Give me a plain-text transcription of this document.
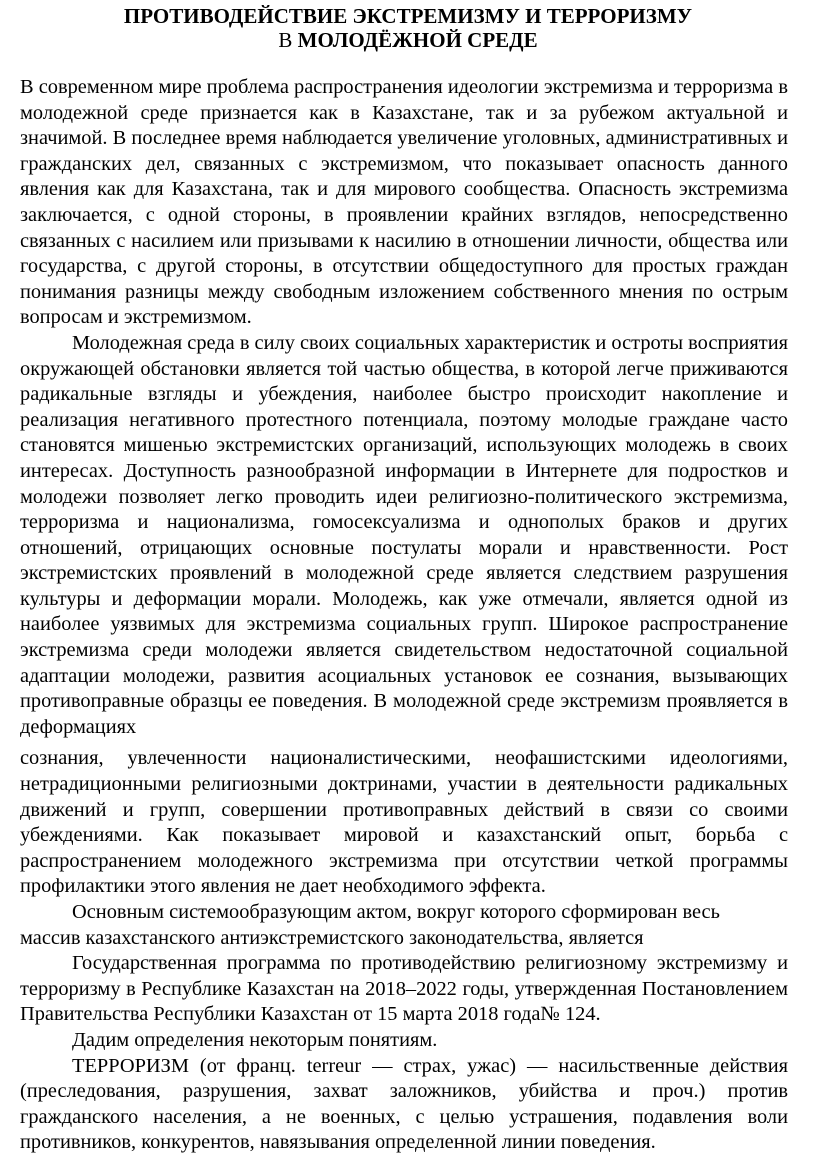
ПРОТИВОДЕЙСТВИЕ ЭКСТРЕМИЗМУ И ТЕРРОРИЗМУ
В МОЛОДЁЖНОЙ СРЕДЕ

В современном мире проблема распространения идеологии экстремизма и терроризма в молодежной среде признается как в Казахстане, так и за рубежом актуальной и значимой. В последнее время наблюдается увеличение уголовных, административных и гражданских дел, связанных с экстремизмом, что показывает опасность данного явления как для Казахстана, так и для мирового сообщества. Опасность экстремизма заключается, с одной стороны, в проявлении крайних взглядов, непосредственно связанных с насилием или призывами к насилию в отношении личности, общества или государства, с другой стороны, в отсутствии общедоступного для простых граждан понимания разницы между свободным изложением собственного мнения по острым вопросам и экстремизмом.

Молодежная среда в силу своих социальных характеристик и остроты восприятия окружающей обстановки является той частью общества, в которой легче приживаются радикальные взгляды и убеждения, наиболее быстро происходит накопление и реализация негативного протестного потенциала, поэтому молодые граждане часто становятся мишенью экстремистских организаций, использующих молодежь в своих интересах. Доступность разнообразной информации в Интернете для подростков и молодежи позволяет легко проводить идеи религиозно-политического экстремизма, терроризма и национализма, гомосексуализма и однополых браков и других отношений, отрицающих основные постулаты морали и нравственности. Рост экстремистских проявлений в молодежной среде является следствием разрушения культуры и деформации морали. Молодежь, как уже отмечали, является одной из наиболее уязвимых для экстремизма социальных групп. Широкое распространение экстремизма среди молодежи является свидетельством недостаточной социальной адаптации молодежи, развития асоциальных установок ее сознания, вызывающих противоправные образцы ее поведения. В молодежной среде экстремизм проявляется в деформациях

сознания, увлеченности националистическими, неофашистскими идеологиями, нетрадиционными религиозными доктринами, участии в деятельности радикальных движений и групп, совершении противоправных действий в связи со своими убеждениями. Как показывает мировой и казахстанский опыт, борьба с распространением молодежного экстремизма при отсутствии четкой программы профилактики этого явления не дает необходимого эффекта.

Основным системообразующим актом, вокруг которого сформирован весь

массив казахстанского антиэкстремистского законодательства, является

Государственная программа по противодействию религиозному экстремизму и терроризму в Республике Казахстан на 2018–2022 годы, утвержденная Постановлением Правительства Республики Казахстан от 15 марта 2018 года№ 124.

Дадим определения некоторым понятиям.

ТЕРРОРИЗМ (от франц. terreur — страх, ужас) — насильственные действия (преследования, разрушения, захват заложников, убийства и проч.) против гражданского населения, а не военных, с целью устрашения, подавления воли противников, конкурентов, навязывания определенной линии поведения.
